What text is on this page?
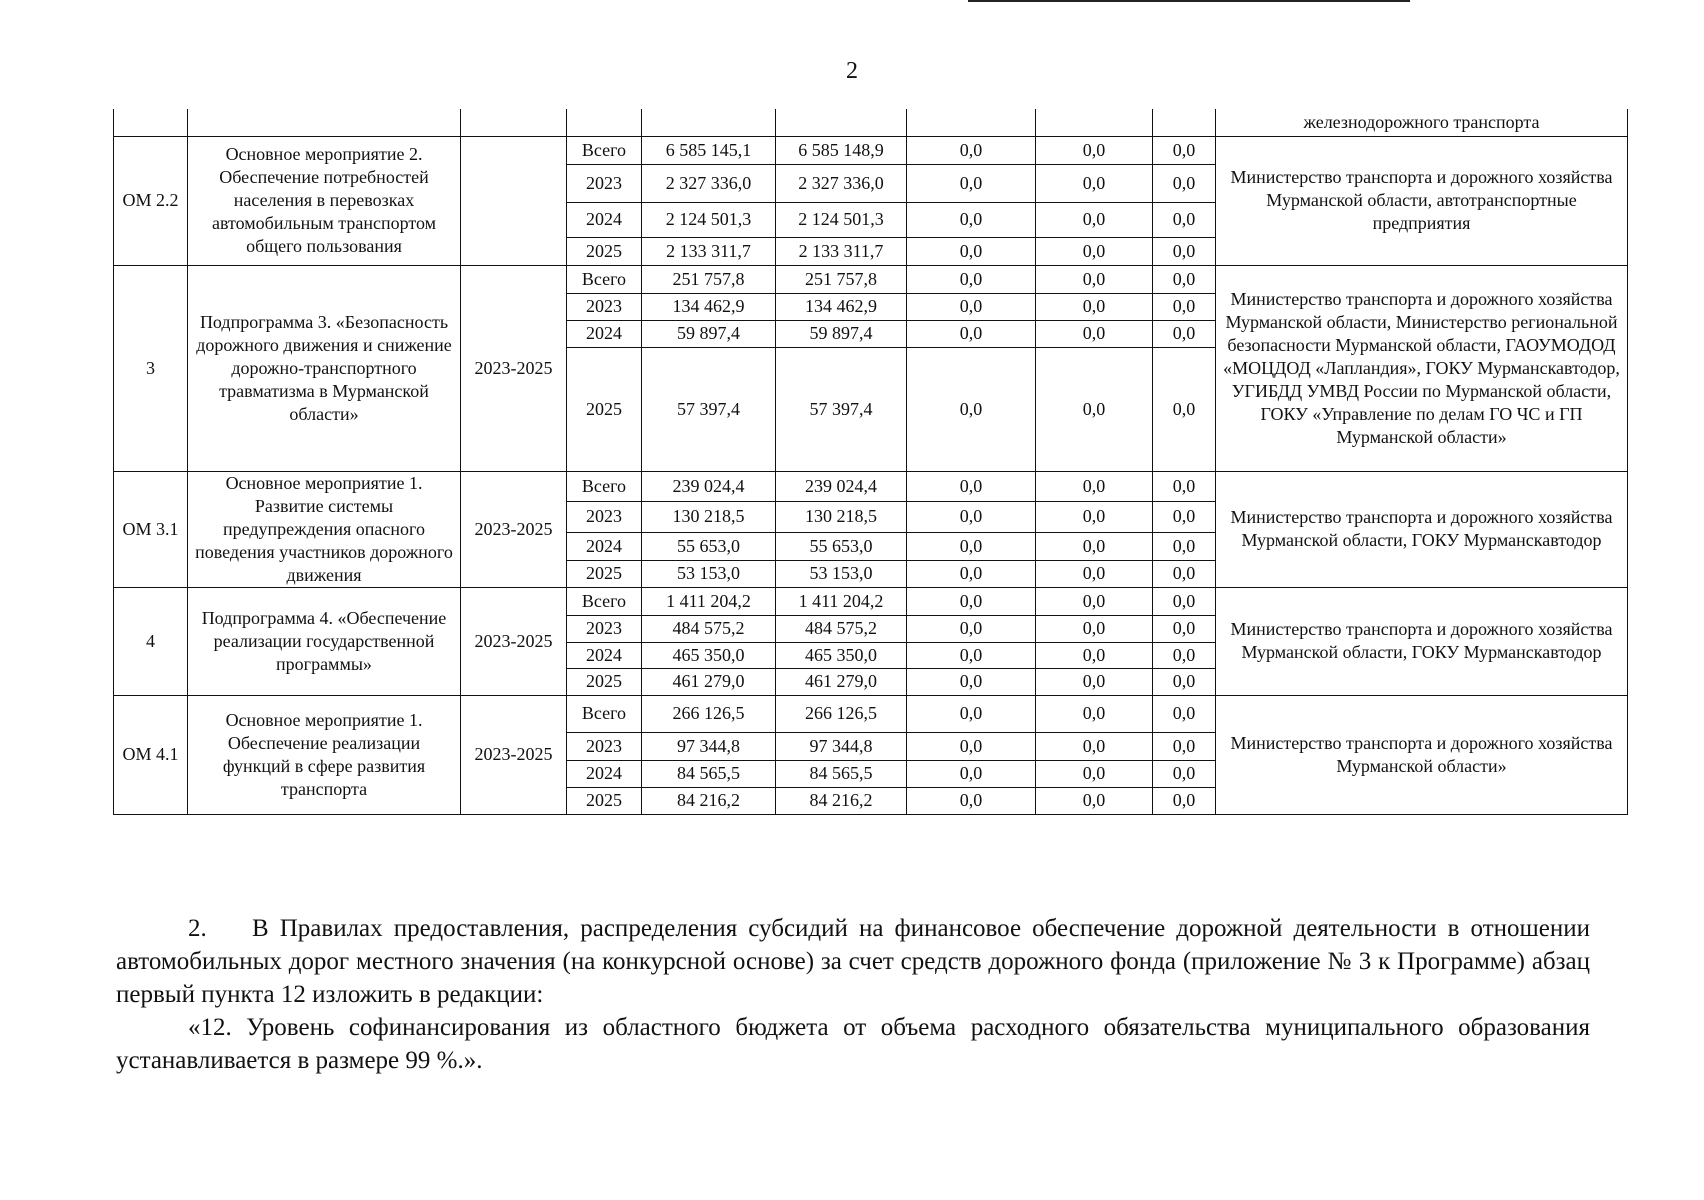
2
									железнодорожного транспорта
ОМ 2.2	Основное мероприятие 2. Обеспечение потребностей населения в перевозках автомобильным транспортом общего пользования		Всего	6 585 145,1	6 585 148,9	0,0	0,0	0,0	Министерство транспорта и дорожного хозяйства Мурманской области, автотранспортные предприятия
			2023	2 327 336,0	2 327 336,0	0,0	0,0	0,0	
			2024	2 124 501,3	2 124 501,3	0,0	0,0	0,0	
			2025	2 133 311,7	2 133 311,7	0,0	0,0	0,0	
3	Подпрограмма 3. «Безопасность дорожного движения и снижение дорожно-транспортного травматизма в Мурманской области»	2023-2025	Всего	251 757,8	251 757,8	0,0	0,0	0,0	Министерство транспорта и дорожного хозяйства Мурманской области, Министерство региональной безопасности Мурманской области, ГАОУМОДОД «МОЦДОД «Лапландия», ГОКУ Мурманскавтодор, УГИБДД УМВД России по Мурманской области, ГОКУ «Управление по делам ГО ЧС и ГП Мурманской области»
			2023	134 462,9	134 462,9	0,0	0,0	0,0	
			2024	59 897,4	59 897,4	0,0	0,0	0,0	
			2025	57 397,4	57 397,4	0,0	0,0	0,0	
ОМ 3.1	Основное мероприятие 1. Развитие системы предупреждения опасного поведения участников дорожного движения	2023-2025	Всего	239 024,4	239 024,4	0,0	0,0	0,0	Министерство транспорта и дорожного хозяйства Мурманской области, ГОКУ Мурманскавтодор
			2023	130 218,5	130 218,5	0,0	0,0	0,0	
			2024	55 653,0	55 653,0	0,0	0,0	0,0	
			2025	53 153,0	53 153,0	0,0	0,0	0,0	
4	Подпрограмма 4. «Обеспечение реализации государственной программы»	2023-2025	Всего	1 411 204,2	1 411 204,2	0,0	0,0	0,0	Министерство транспорта и дорожного хозяйства Мурманской области, ГОКУ Мурманскавтодор
			2023	484 575,2	484 575,2	0,0	0,0	0,0	
			2024	465 350,0	465 350,0	0,0	0,0	0,0	
			2025	461 279,0	461 279,0	0,0	0,0	0,0	
ОМ 4.1	Основное мероприятие 1. Обеспечение реализации функций в сфере развития транспорта	2023-2025	Всего	266 126,5	266 126,5	0,0	0,0	0,0	Министерство транспорта и дорожного хозяйства Мурманской области»
			2023	97 344,8	97 344,8	0,0	0,0	0,0	
			2024	84 565,5	84 565,5	0,0	0,0	0,0	
			2025	84 216,2	84 216,2	0,0	0,0	0,0	

2. В Правилах предоставления, распределения субсидий на финансовое обеспечение дорожной деятельности в отношении автомобильных дорог местного значения (на конкурсной основе) за счет средств дорожного фонда (приложение № 3 к Программе) абзац первый пункта 12 изложить в редакции:

«12. Уровень софинансирования из областного бюджета от объема расходного обязательства муниципального образования устанавливается в размере 99 %.».
